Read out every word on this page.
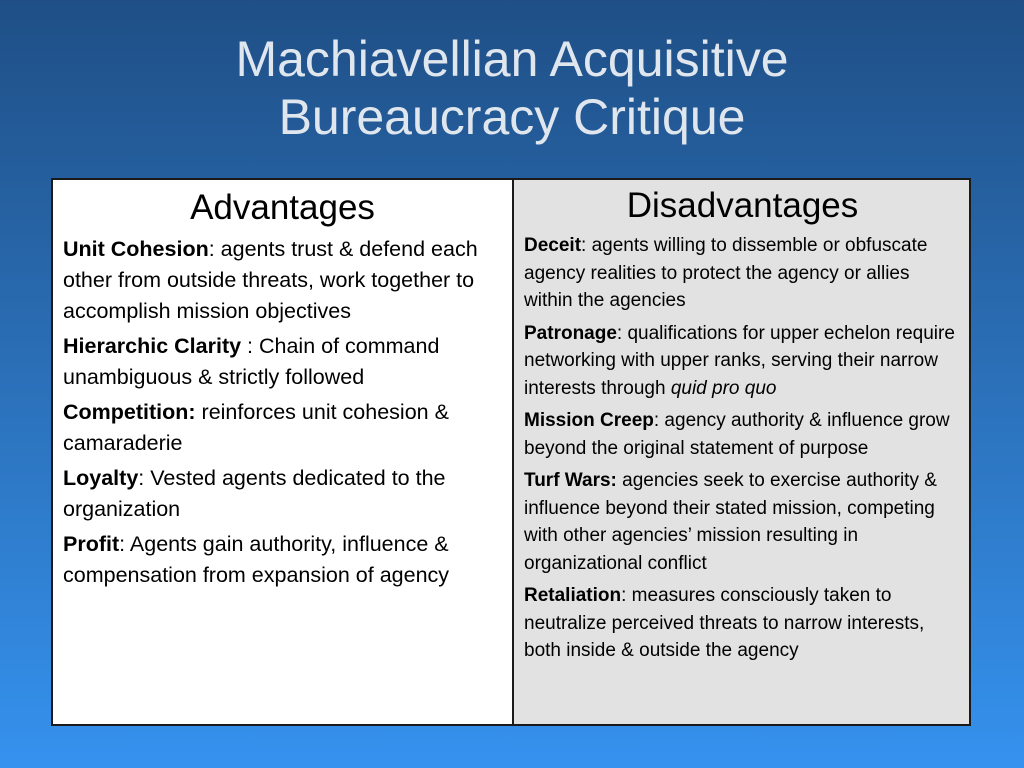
Machiavellian Acquisitive
Bureaucracy Critique
Advantages
Unit Cohesion: agents trust & defend each other from outside threats, work together to accomplish mission objectives
Hierarchic Clarity : Chain of command unambiguous & strictly followed
Competition: reinforces unit cohesion & camaraderie
Loyalty: Vested agents dedicated to the organization
Profit: Agents gain authority, influence & compensation from expansion of agency
Disadvantages
Deceit: agents willing to dissemble or obfuscate agency realities to protect the agency or allies within the agencies
Patronage: qualifications for upper echelon require networking with upper ranks, serving their narrow interests through quid pro quo
Mission Creep: agency authority & influence grow beyond the original statement of purpose
Turf Wars: agencies seek to exercise authority & influence beyond their stated mission, competing with other agencies’ mission resulting in organizational conflict
Retaliation: measures consciously taken to neutralize perceived threats to narrow interests, both inside & outside the agency
